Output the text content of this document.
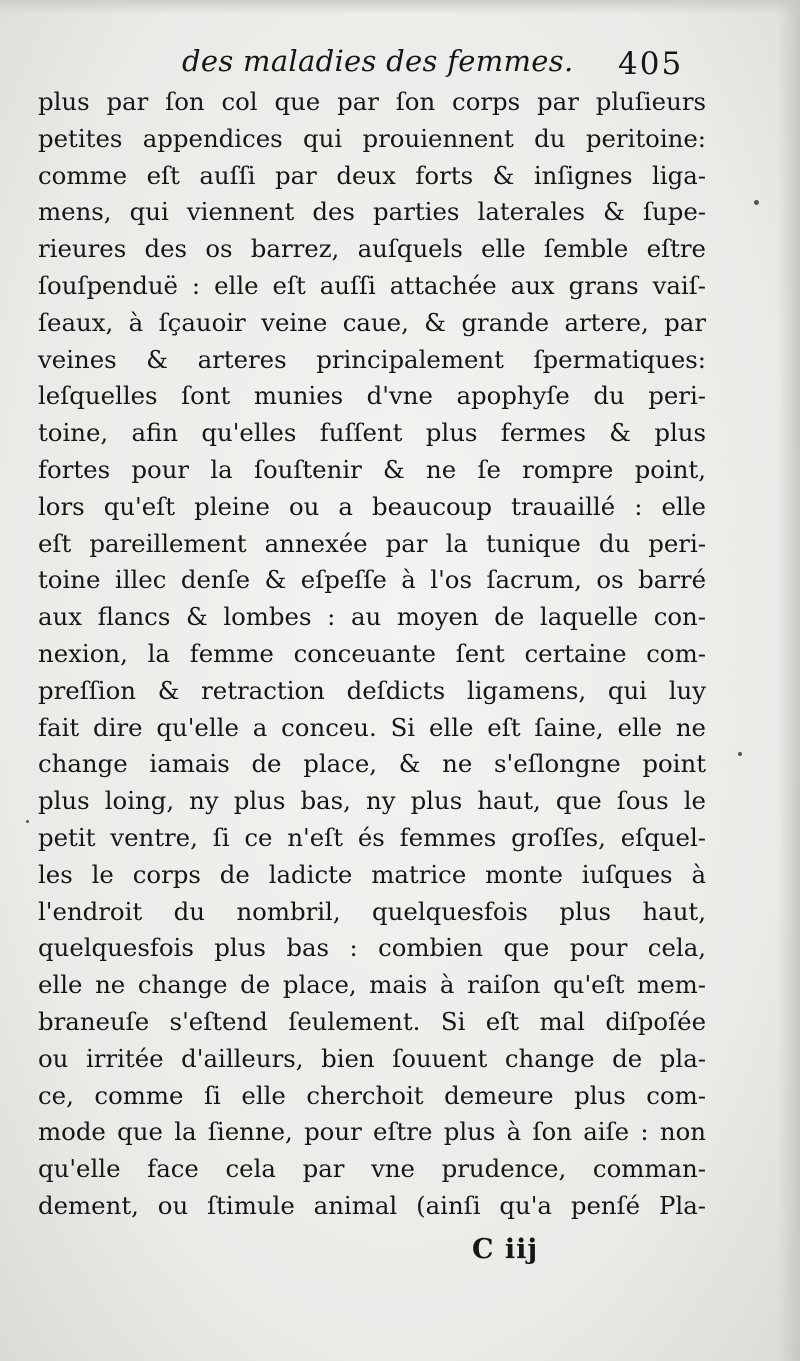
des maladies des femmes. 405
plus par ſon col que par ſon corps par pluſieurs
petites appendices qui prouiennent du peritoine:
comme eſt auſſi par deux forts & inſignes liga-
mens, qui viennent des parties laterales & ſupe-
rieures des os barrez, auſquels elle ſemble eſtre
ſouſpenduë : elle eſt auſſi attachée aux grans vaiſ-
ſeaux, à ſçauoir veine caue, & grande artere, par
veines & arteres principalement ſpermatiques:
leſquelles ſont munies d'vne apophyſe du peri-
toine, afin qu'elles fuſſent plus fermes & plus
fortes pour la ſouſtenir & ne ſe rompre point,
lors qu'eſt pleine ou a beaucoup trauaillé : elle
eſt pareillement annexée par la tunique du peri-
toine illec denſe & eſpeſſe à l'os ſacrum, os barré
aux flancs & lombes : au moyen de laquelle con-
nexion, la femme conceuante ſent certaine com-
preſſion & retraction deſdicts ligamens, qui luy
fait dire qu'elle a conceu. Si elle eſt ſaine, elle ne
change iamais de place, & ne s'eſlongne point
plus loing, ny plus bas, ny plus haut, que ſous le
petit ventre, ſi ce n'eſt és femmes groſſes, eſquel-
les le corps de ladicte matrice monte iuſques à
l'endroit du nombril, quelquesfois plus haut,
quelquesfois plus bas : combien que pour cela,
elle ne change de place, mais à raiſon qu'eſt mem-
braneuſe s'eſtend ſeulement. Si eſt mal diſpoſée
ou irritée d'ailleurs, bien ſouuent change de pla-
ce, comme ſi elle cherchoit demeure plus com-
mode que la ſienne, pour eſtre plus à ſon aiſe : non
qu'elle face cela par vne prudence, comman-
dement, ou ſtimule animal (ainſi qu'a penſé Pla-
C iij
